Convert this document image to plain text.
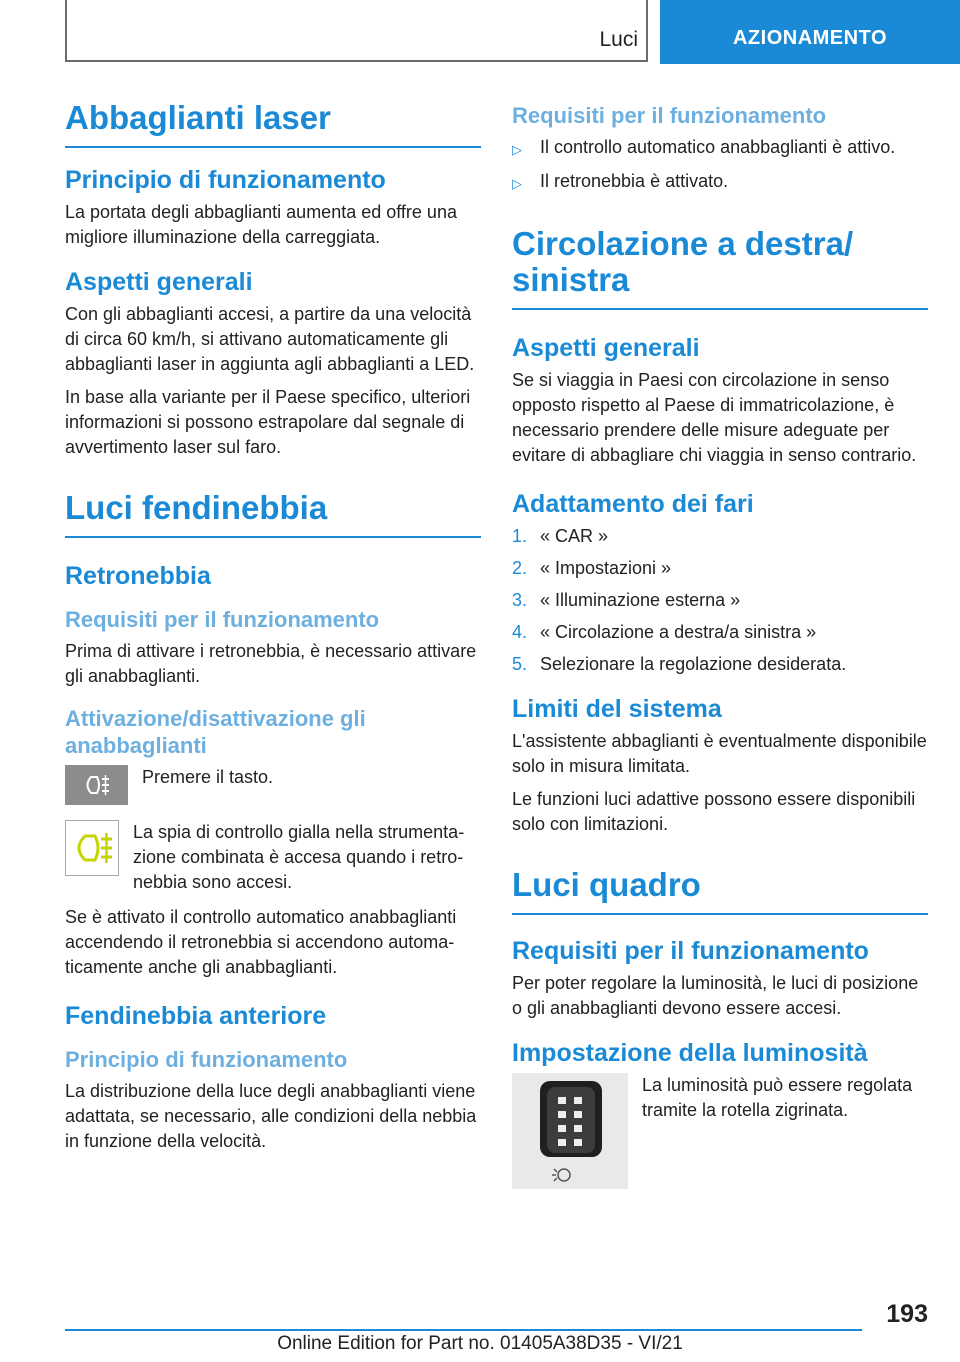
Luci	AZIONAMENTO
Abbaglianti laser
Principio di funzionamento

La portata degli abbaglianti aumenta ed offre una migliore illuminazione della carreggiata.

Aspetti generali

Con gli abbaglianti accesi, a partire da una velocità di circa 60 km/h, si attivano automaticamente gli abbaglianti laser in aggiunta agli abbaglianti a LED.

In base alla variante per il Paese specifico, ulteriori informazioni si possono estrapolare dal segnale di avvertimento laser sul faro.

Luci fendinebbia
Retronebbia
Requisiti per il funzionamento

Prima di attivare i retronebbia, è necessario attivare gli anabbaglianti.

Attivazione/disattivazione gli anabbaglianti

Premere il tasto.

La spia di controllo gialla nella strumentazione combinata è accesa quando i retronebbia sono accesi.

Se è attivato il controllo automatico anabbaglianti accendendo il retronebbia si accendono automaticamente anche gli anabbaglianti.

Fendinebbia anteriore
Principio di funzionamento

La distribuzione della luce degli anabbaglianti viene adattata, se necessario, alle condizioni della nebbia in funzione della velocità.

Requisiti per il funzionamento
▷	Il controllo automatico anabbaglianti è attivo.
▷	Il retronebbia è attivato.
Circolazione a destra/ sinistra
Aspetti generali

Se si viaggia in Paesi con circolazione in senso opposto rispetto al Paese di immatricolazione, è necessario prendere delle misure adeguate per evitare di abbagliare chi viaggia in senso contrario.

Adattamento dei fari
1. « CAR »
2. « Impostazioni »
3. « Illuminazione esterna »
4. « Circolazione a destra/a sinistra »
5. Selezionare la regolazione desiderata.
Limiti del sistema

L'assistente abbaglianti è eventualmente disponibile solo in misura limitata.

Le funzioni luci adattive possono essere disponibili solo con limitazioni.

Luci quadro
Requisiti per il funzionamento

Per poter regolare la luminosità, le luci di posizione o gli anabbaglianti devono essere accesi.

Impostazione della luminosità

La luminosità può essere regolata tramite la rotella zigrinata.

193
Online Edition for Part no. 01405A38D35 - VI/21
